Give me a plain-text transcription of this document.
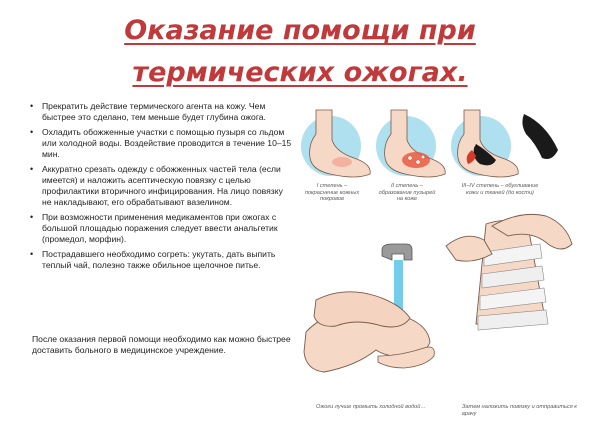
Оказание помощи при
термических ожогах.
• Прекратить действие термического агента на кожу. Чем быстрее это сделано, тем меньше будет глубина ожога.
• Охладить обожженные участки с помощью пузыря со льдом или холодной воды. Воздействие проводится в течение 10–15 мин.
• Аккуратно срезать одежду с обожженных частей тела (если имеется) и наложить асептическую повязку с целью профилактики вторичного инфицирования. На лицо повязку не накладывают, его обрабатывают вазелином.
• При возможности применения медикаментов при ожогах с большой площадью поражения следует ввести анальгетик (промедол, морфин).
• Пострадавшего необходимо согреть: укутать, дать выпить теплый чай, полезно также обильное щелочное питье.
После оказания первой помощи необходимо как можно быстрее доставить больного в медицинское учреждение.
I степень – покраснение кожных покровов
II степень – образование пузырей на коже
III–IV степень – обугливание кожи и тканей (до кости)
Ожоги лучше промыть холодной водой…	Затем наложить повязку и отправиться к врачу
